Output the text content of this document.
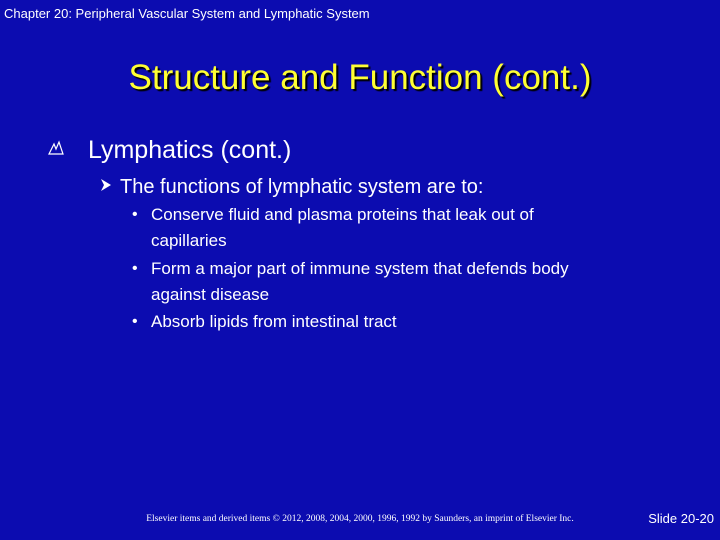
Chapter 20: Peripheral Vascular System and Lymphatic System
Structure and Function (cont.)
Lymphatics (cont.)
The functions of lymphatic system are to:
• Conserve fluid and plasma proteins that leak out of
capillaries
• Form a major part of immune system that defends body
against disease
• Absorb lipids from intestinal tract
Elsevier items and derived items © 2012, 2008, 2004, 2000, 1996, 1992 by Saunders, an imprint of Elsevier Inc.	Slide 20-20
